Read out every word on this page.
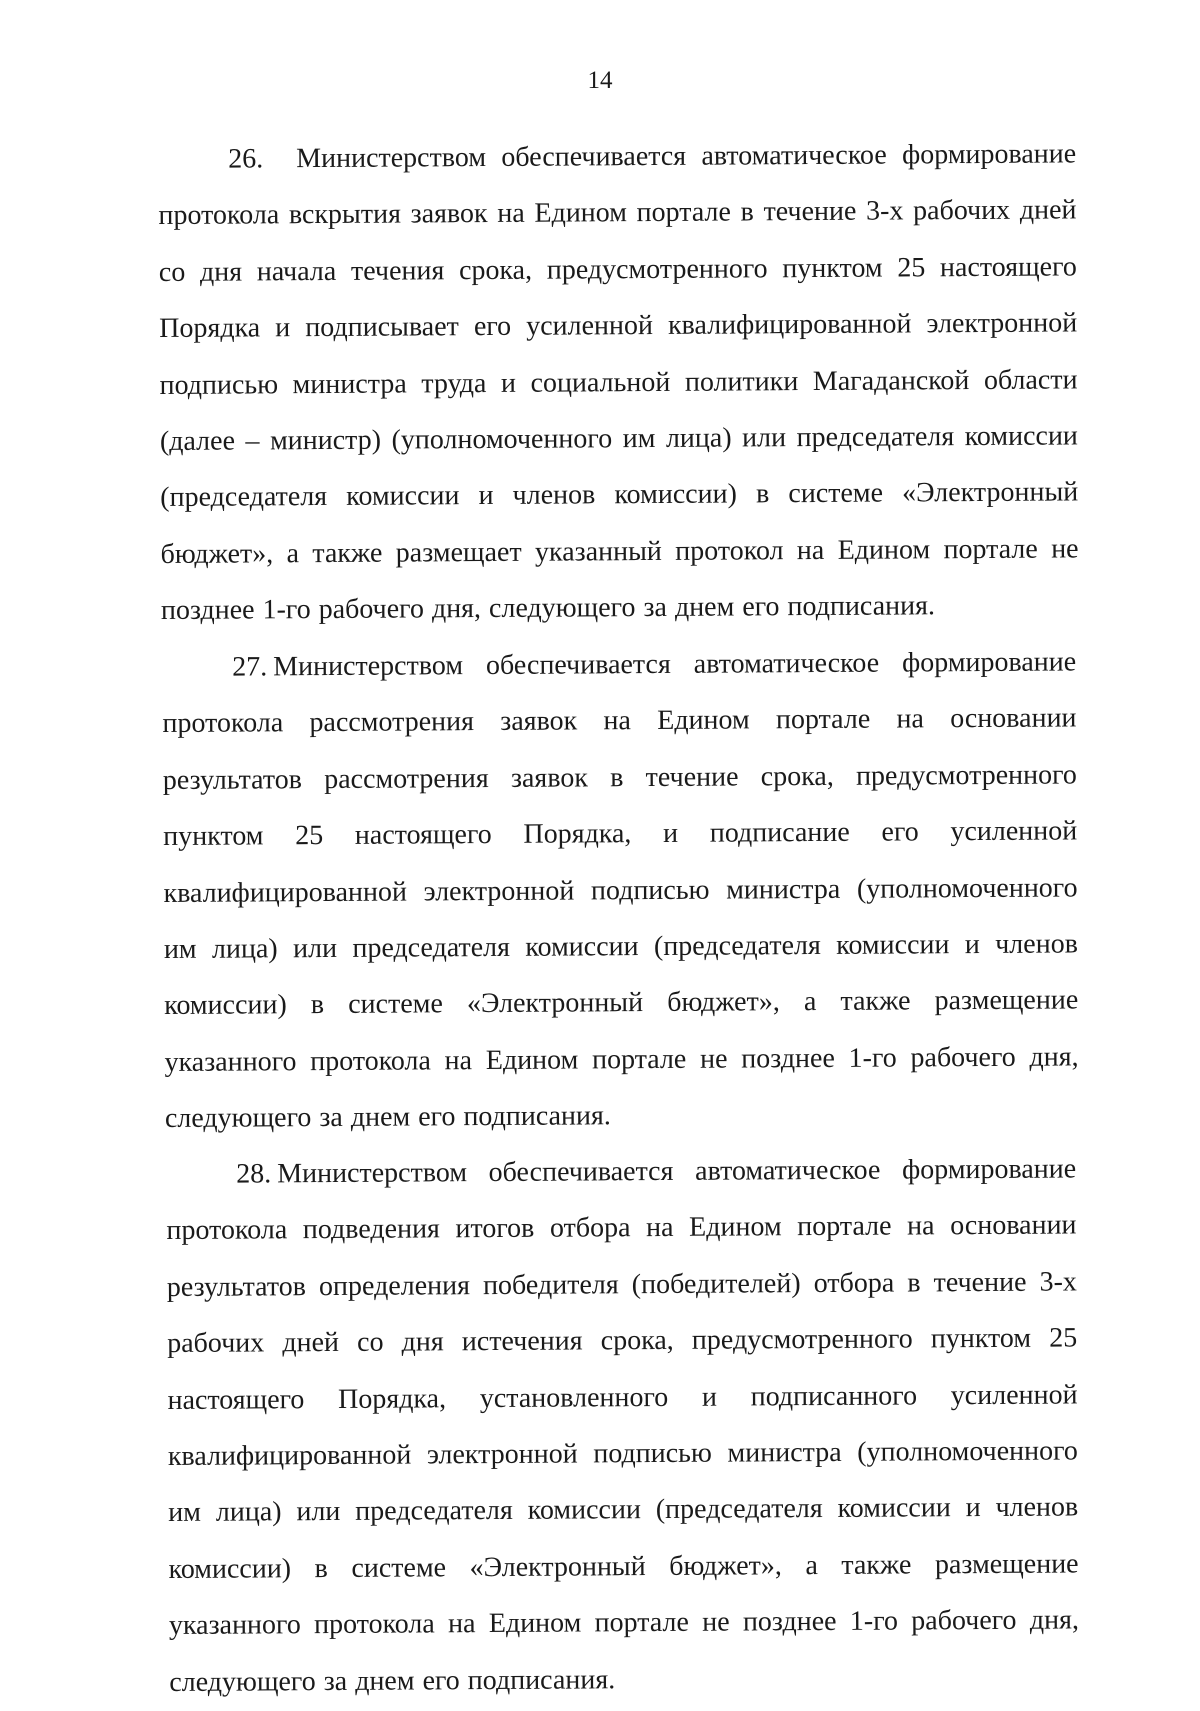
14

26. Министерством обеспечивается автоматическое формирование протокола вскрытия заявок на Едином портале в течение 3-х рабочих дней со дня начала течения срока, предусмотренного пунктом 25 настоящего Порядка и подписывает его усиленной квалифицированной электронной подписью министра труда и социальной политики Магаданской области (далее – министр) (уполномоченного им лица) или председателя комиссии (председателя комиссии и членов комиссии) в системе «Электронный бюджет», а также размещает указанный протокол на Едином портале не позднее 1-го рабочего дня, следующего за днем его подписания.

27. Министерством обеспечивается автоматическое формирование протокола рассмотрения заявок на Едином портале на основании результатов рассмотрения заявок в течение срока, предусмотренного пунктом 25 настоящего Порядка, и подписание его усиленной квалифицированной электронной подписью министра (уполномоченного им лица) или председателя комиссии (председателя комиссии и членов комиссии) в системе «Электронный бюджет», а также размещение указанного протокола на Едином портале не позднее 1-го рабочего дня, следующего за днем его подписания.

28. Министерством обеспечивается автоматическое формирование протокола подведения итогов отбора на Едином портале на основании результатов определения победителя (победителей) отбора в течение 3-х рабочих дней со дня истечения срока, предусмотренного пунктом 25 настоящего Порядка, установленного и подписанного усиленной квалифицированной электронной подписью министра (уполномоченного им лица) или председателя комиссии (председателя комиссии и членов комиссии) в системе «Электронный бюджет», а также размещение указанного протокола на Едином портале не позднее 1-го рабочего дня, следующего за днем его подписания.
